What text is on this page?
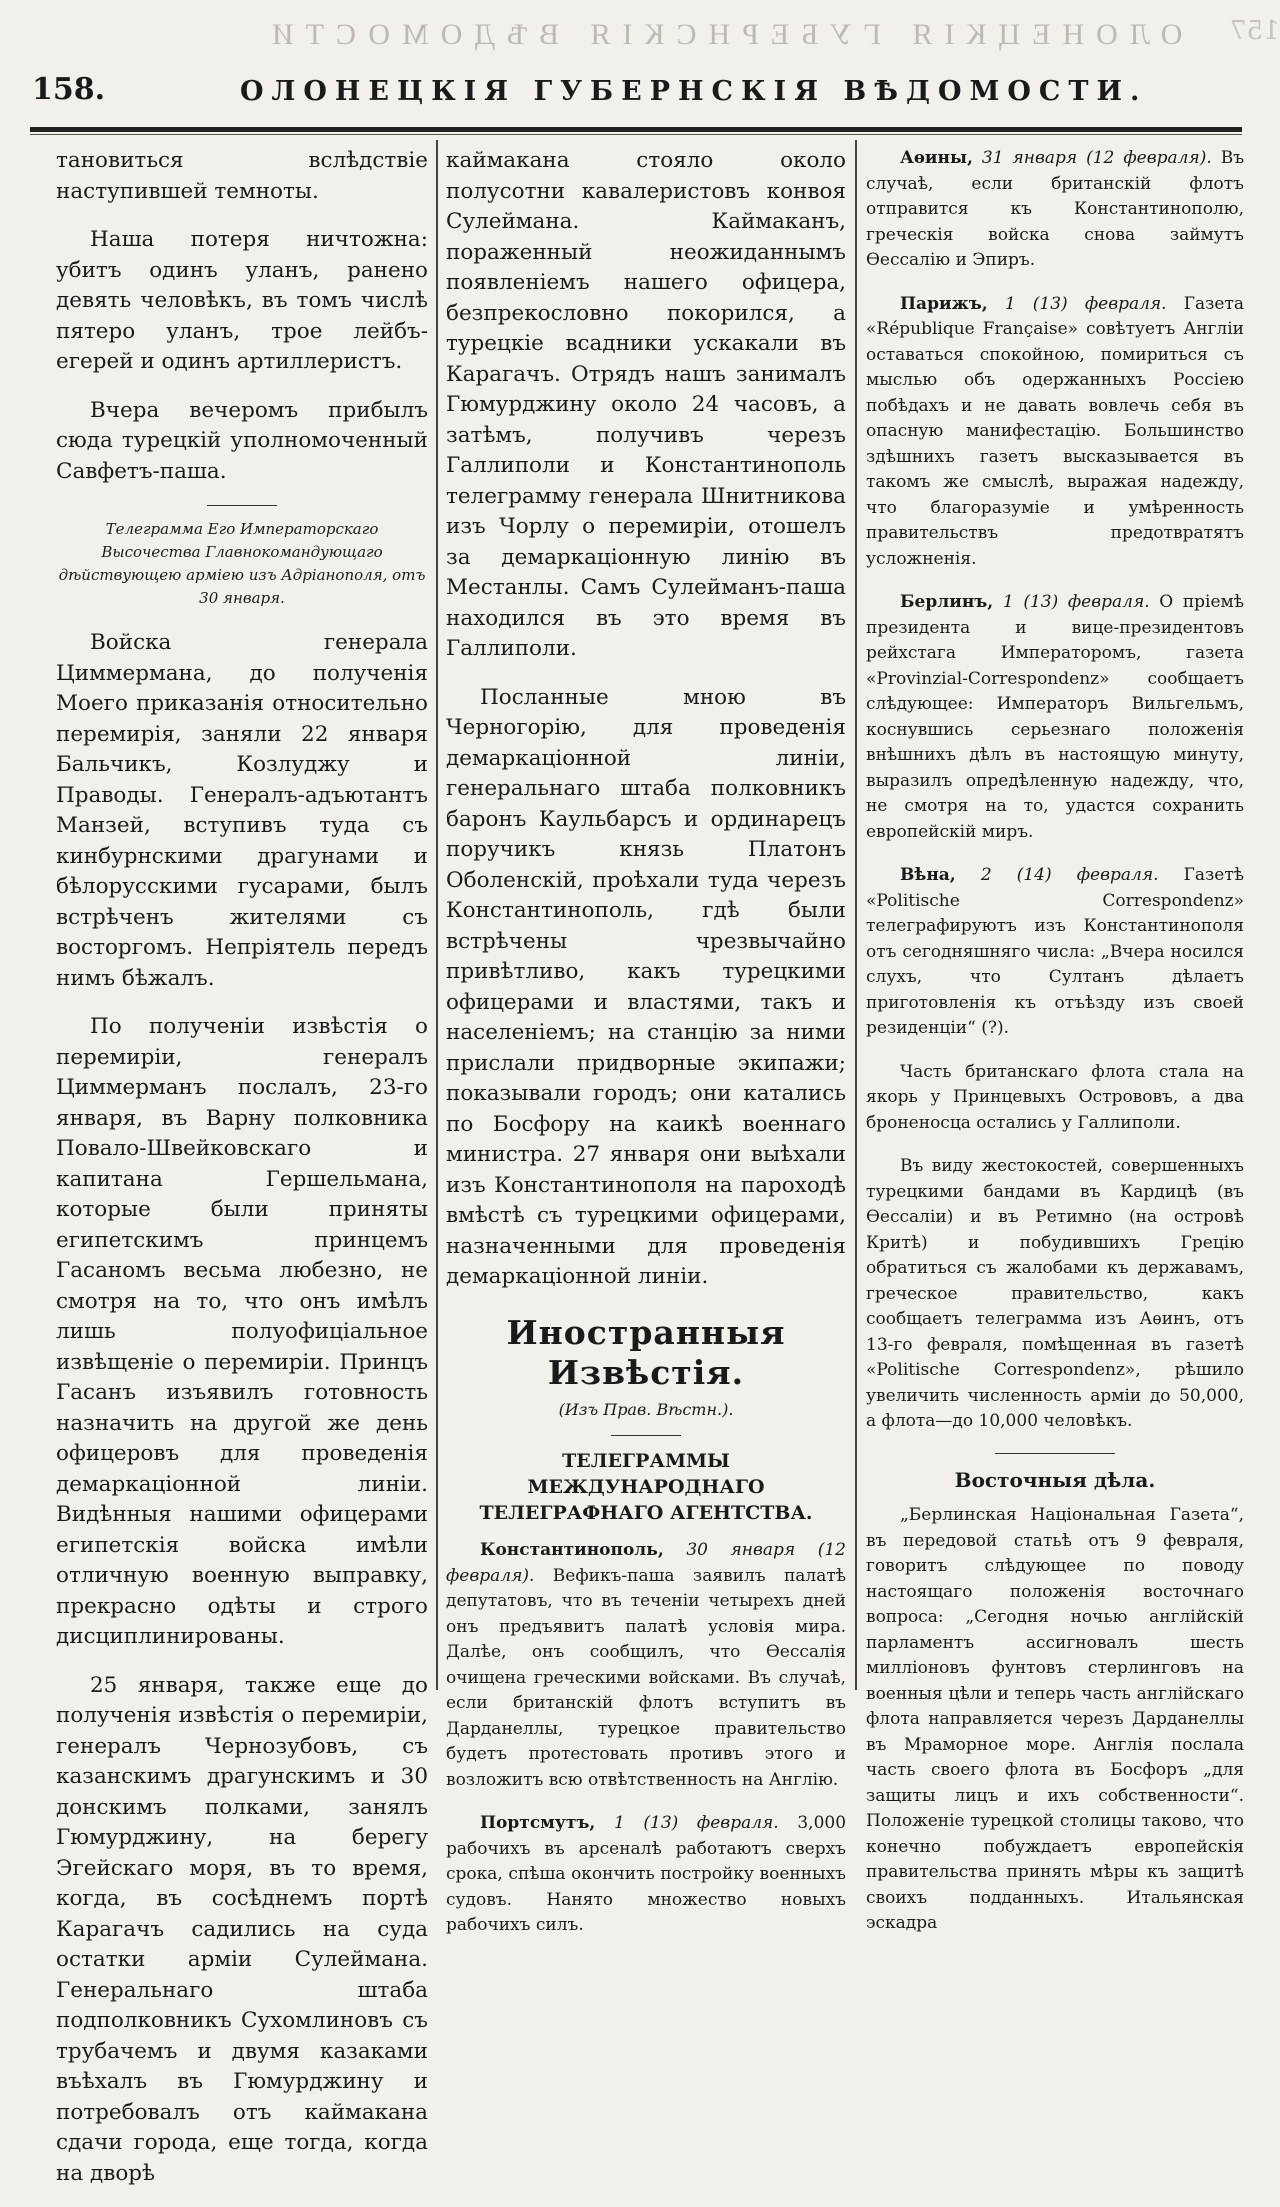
ОЛОНЕЦКІЯ ГУБЕРНСКІЯ ВѢДОМОСТИ 157
158.	ОЛОНЕЦКІЯ ГУБЕРНСКІЯ ВѢДОМОСТИ.

тановиться вслѣдствіе наступившей темноты.

Наша потеря ничтожна: убитъ одинъ уланъ, ранено девять человѣкъ, въ томъ числѣ пятеро уланъ, трое лейбъ-егерей и одинъ артиллеристъ.

Вчера вечеромъ прибылъ сюда турецкій уполномоченный Савфетъ-паша.

Телеграмма Его Императорскаго Высочества Главнокомандующаго дѣйствующею арміею изъ Адріанополя, отъ 30 января.

Войска генерала Циммермана, до полученія Моего приказанія относительно перемирія, заняли 22 января Бальчикъ, Козлуджу и Праводы. Генералъ-адъютантъ Манзей, вступивъ туда съ кинбурнскими драгунами и бѣлорусскими гусарами, былъ встрѣченъ жителями съ восторгомъ. Непріятель передъ нимъ бѣжалъ.

По полученіи извѣстія о перемиріи, генералъ Циммерманъ послалъ, 23-го января, въ Варну полковника Повало-Швейковскаго и капитана Гершельмана, которые были приняты египетскимъ принцемъ Гасаномъ весьма любезно, не смотря на то, что онъ имѣлъ лишь полуофиціальное извѣщеніе о перемиріи. Принцъ Гасанъ изъявилъ готовность назначить на другой же день офицеровъ для проведенія демаркаціонной линіи. Видѣнныя нашими офицерами египетскія войска имѣли отличную военную выправку, прекрасно одѣты и строго дисциплинированы.

25 января, также еще до полученія извѣстія о перемиріи, генералъ Чернозубовъ, съ казанскимъ драгунскимъ и 30 донскимъ полками, занялъ Гюмурджину, на берегу Эгейскаго моря, въ то время, когда, въ сосѣднемъ портѣ Карагачъ садились на суда остатки арміи Сулеймана. Генеральнаго штаба подполковникъ Сухомлиновъ съ трубачемъ и двумя казаками въѣхалъ въ Гюмурджину и потребовалъ отъ каймакана сдачи города, еще тогда, когда на дворѣ

каймакана стояло около полусотни кавалеристовъ конвоя Сулеймана. Каймаканъ, пораженный неожиданнымъ появленіемъ нашего офицера, безпрекословно покорился, а турецкіе всадники ускакали въ Карагачъ. Отрядъ нашъ занималъ Гюмурджину около 24 часовъ, а затѣмъ, получивъ черезъ Галлиполи и Константинополь телеграмму генерала Шнитникова изъ Чорлу о перемиріи, отошелъ за демаркаціонную линію въ Местанлы. Самъ Сулейманъ-паша находился въ это время въ Галлиполи.

Посланные мною въ Черногорію, для проведенія демаркаціонной линіи, генеральнаго штаба полковникъ баронъ Каульбарсъ и ординарецъ поручикъ князь Платонъ Оболенскій, проѣхали туда черезъ Константинополь, гдѣ были встрѣчены чрезвычайно привѣтливо, какъ турецкими офицерами и властями, такъ и населеніемъ; на станцію за ними прислали придворные экипажи; показывали городъ; они катались по Босфору на каикѣ военнаго министра. 27 января они выѣхали изъ Константинополя на пароходѣ вмѣстѣ съ турецкими офицерами, назначенными для проведенія демаркаціонной линіи.

Иностранныя Извѣстія.
(Изъ Прав. Вѣстн.).
ТЕЛЕГРАММЫ МЕЖДУНАРОДНАГО ТЕЛЕГРАФНАГО АГЕНТСТВА.

Константинополь, 30 января (12 февраля). Вефикъ-паша заявилъ палатѣ депутатовъ, что въ теченіи четырехъ дней онъ предъявитъ палатѣ условія мира. Далѣе, онъ сообщилъ, что Ѳессалія очищена греческими войсками. Въ случаѣ, если британскій флотъ вступитъ въ Дарданеллы, турецкое правительство будетъ протестовать противъ этого и возложитъ всю отвѣтственность на Англію.

Портсмутъ, 1 (13) февраля. 3,000 рабочихъ въ арсеналѣ работаютъ сверхъ срока, спѣша окончить постройку военныхъ судовъ. Нанято множество новыхъ рабочихъ силъ.

Аѳины, 31 января (12 февраля). Въ случаѣ, если британскій флотъ отправится къ Константинополю, греческія войска снова займутъ Ѳессалію и Эпиръ.

Парижъ, 1 (13) февраля. Газета «République Française» совѣтуетъ Англіи оставаться спокойною, помириться съ мыслью объ одержанныхъ Россіею побѣдахъ и не давать вовлечь себя въ опасную манифестацію. Большинство здѣшнихъ газетъ высказывается въ такомъ же смыслѣ, выражая надежду, что благоразуміе и умѣренность правительствъ предотвратятъ усложненія.

Берлинъ, 1 (13) февраля. О пріемѣ президента и вице-президентовъ рейхстага Императоромъ, газета «Provinzial-Correspondenz» сообщаетъ слѣдующее: Императоръ Вильгельмъ, коснувшись серьезнаго положенія внѣшнихъ дѣлъ въ настоящую минуту, выразилъ опредѣленную надежду, что, не смотря на то, удастся сохранить европейскій миръ.

Вѣна, 2 (14) февраля. Газетѣ «Politische Correspondenz» телеграфируютъ изъ Константинополя отъ сегодняшняго числа: „Вчера носился слухъ, что Султанъ дѣлаетъ приготовленія къ отъѣзду изъ своей резиденціи“ (?).

Часть британскаго флота стала на якорь у Принцевыхъ Острововъ, а два броненосца остались у Галлиполи.

Въ виду жестокостей, совершенныхъ турецкими бандами въ Кардицѣ (въ Ѳессаліи) и въ Ретимно (на островѣ Критѣ) и побудившихъ Грецію обратиться съ жалобами къ державамъ, греческое правительство, какъ сообщаетъ телеграмма изъ Аѳинъ, отъ 13-го февраля, помѣщенная въ газетѣ «Politische Correspondenz», рѣшило увеличить численность арміи до 50,000, а флота—до 10,000 человѣкъ.

Восточныя дѣла.

„Берлинская Національная Газета“, въ передовой статьѣ отъ 9 февраля, говоритъ слѣдующее по поводу настоящаго положенія восточнаго вопроса: „Сегодня ночью англійскій парламентъ ассигновалъ шесть милліоновъ фунтовъ стерлинговъ на военныя цѣли и теперь часть англійскаго флота направляется черезъ Дарданеллы въ Мраморное море. Англія послала часть своего флота въ Босфоръ „для защиты лицъ и ихъ собственности“. Положеніе турецкой столицы таково, что конечно побуждаетъ европейскія правительства принять мѣры къ защитѣ своихъ подданныхъ. Итальянская эскадра
